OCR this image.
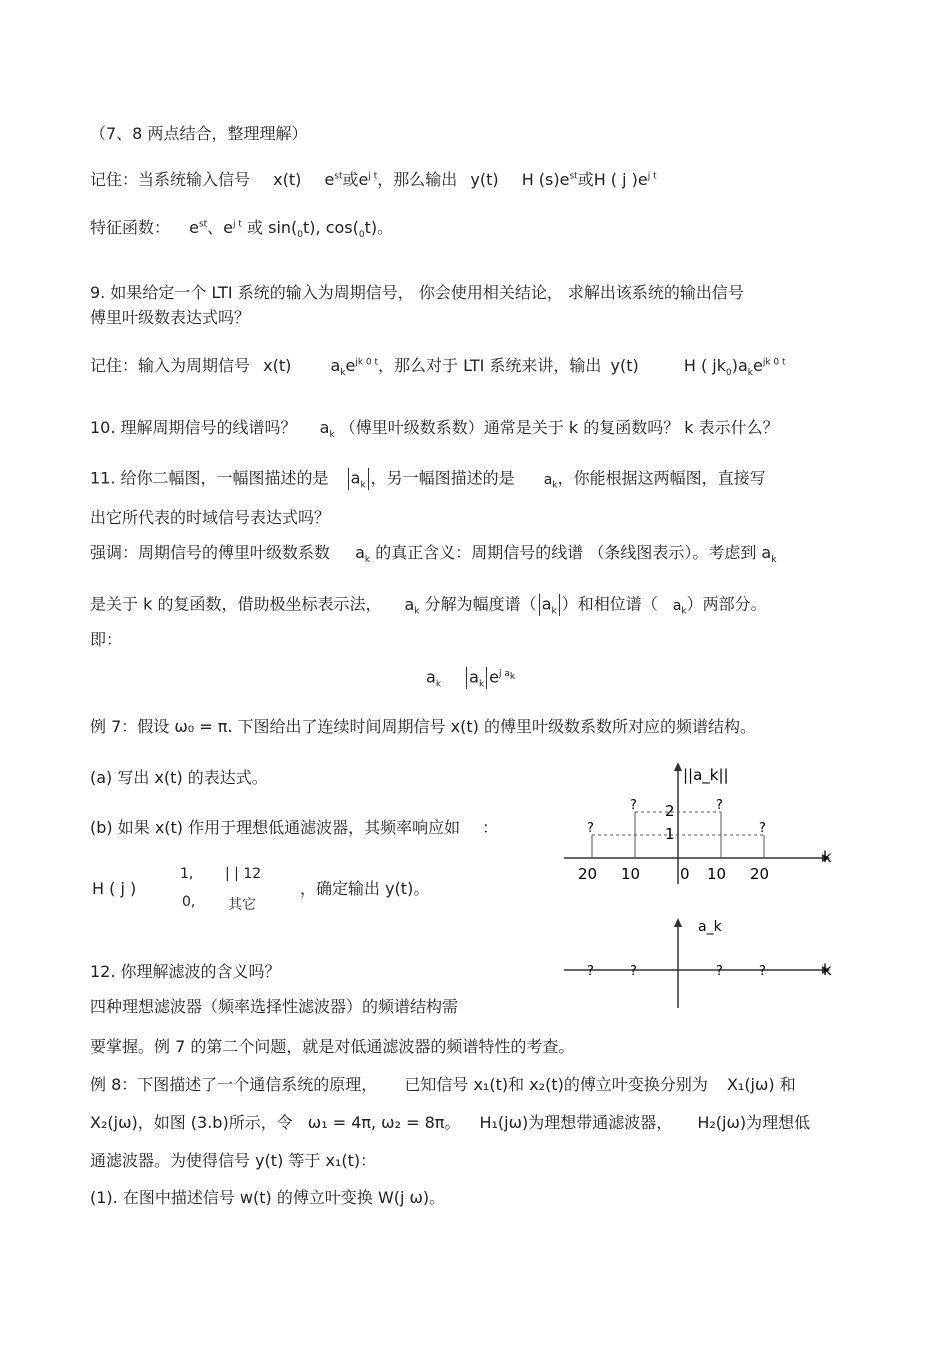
（7、8 两点结合，整理理解）
记住：当系统输入信号 x(t) $e^{st}$或$e^{j t}$，那么输出 y(t) H $(s)e^{st}$或H ( j )$e^{j t}$
特征函数： $e^{st}$、$e^{j t}$ 或 $\sin(_0t)$, $\cos(_0t)$。
9. 如果给定一个 LTI 系统的输入为周期信号， 你会使用相关结论， 求解出该系统的输出信号
傅里叶级数表达式吗？
记住：输入为周期信号 x(t) $a_ke^{jk 0 t}$，那么对于 LTI 系统来讲，输出 y(t)	H ( $jk_0)a_ke^{jk 0 t}$
10. 理解周期信号的线谱吗？ $a_k$ （傅里叶级数系数）通常是关于 k 的复函数吗？ k 表示什么？
11. 给你二幅图，一幅图描述的是 $a_k$ ，另一幅图描述的是 $a_k$，你能根据这两幅图，直接写
出它所代表的时域信号表达式吗？
强调：周期信号的傅里叶级数系数 $a_k$ 的真正含义：周期信号的线谱 （条线图表示）。考虑到 $a_k$
是关于 k 的复函数，借助极坐标表示法， $a_k$ 分解为幅度谱（ $a_k$ ）和相位谱（ $a_k$）两部分。
即：
$a_k$ $a_k$ $e^{j a_k}$
例 7：假设 ω₀ = π. 下图给出了连续时间周期信号 x(t) 的傅里叶级数系数所对应的频谱结构。
(a) 写出 x(t) 的表达式。
(b) 如果 x(t) 作用于理想低通滤波器，其频率响应如 ：
H ( j )
1, | | 12
0, 其它
，确定输出 y(t)。
12. 你理解滤波的含义吗？
四种理想滤波器（频率选择性滤波器）的频谱结构需
要掌握。例 7 的第二个问题，就是对低通滤波器的频谱特性的考查。
例 8：下图描述了一个通信系统的原理， 已知信号 x₁(t)和 x₂(t)的傅立叶变换分别为 X₁(jω) 和
X₂(jω)，如图 (3.b)所示，令 ω₁ = 4π, ω₂ = 8π。 H₁(jω)为理想带通滤波器， H₂(jω)为理想低
通滤波器。为使得信号 y(t) 等于 x₁(t)：
(1). 在图中描述信号 w(t) 的傅立叶变换 W(j ω)。
k
||a_k||
?
20
?
10	0
?
10
?
20
2
1
k
a_k
?	?	?	?
